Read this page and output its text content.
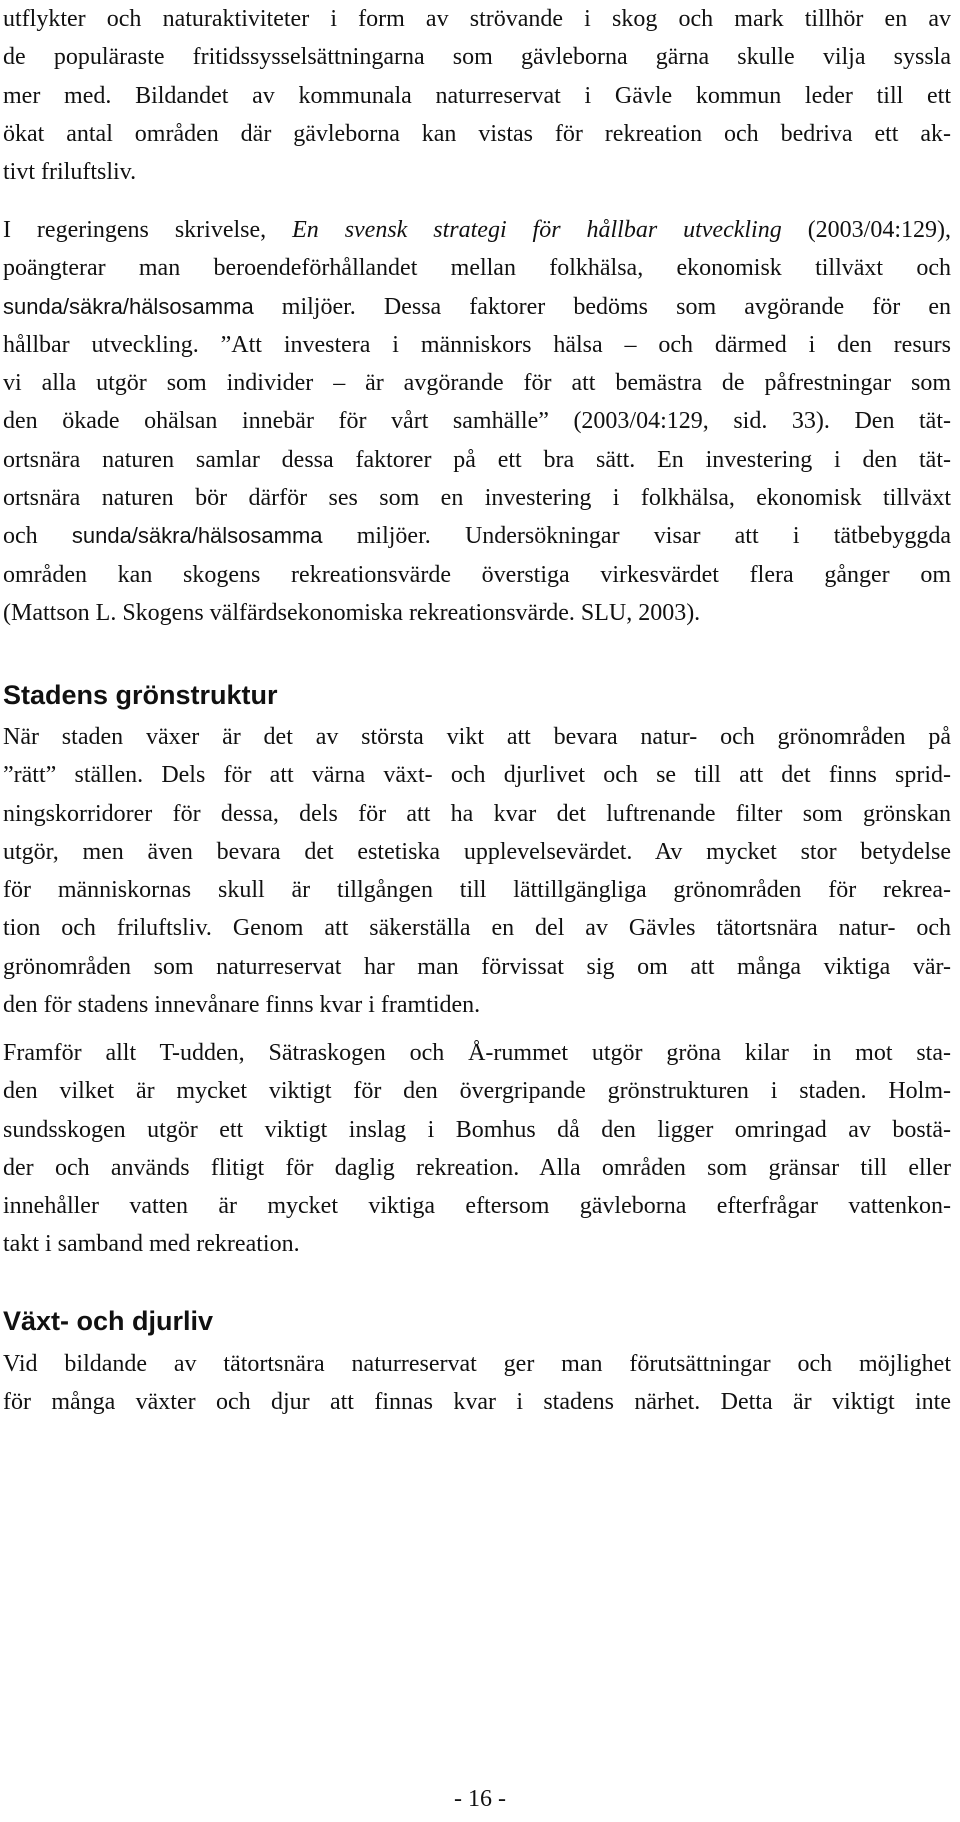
utflykter och naturaktiviteter i form av strövande i skog och mark tillhör en av
de populäraste fritidssysselsättningarna som gävleborna gärna skulle vilja syssla
mer med. Bildandet av kommunala naturreservat i Gävle kommun leder till ett
ökat antal områden där gävleborna kan vistas för rekreation och bedriva ett ak-
tivt friluftsliv.
I regeringens skrivelse, En svensk strategi för hållbar utveckling (2003/04:129),
poängterar man beroendeförhållandet mellan folkhälsa, ekonomisk tillväxt och
sunda/säkra/hälsosamma miljöer. Dessa faktorer bedöms som avgörande för en
hållbar utveckling. ”Att investera i människors hälsa – och därmed i den resurs
vi alla utgör som individer – är avgörande för att bemästra de påfrestningar som
den ökade ohälsan innebär för vårt samhälle” (2003/04:129, sid. 33). Den tät-
ortsnära naturen samlar dessa faktorer på ett bra sätt. En investering i den tät-
ortsnära naturen bör därför ses som en investering i folkhälsa, ekonomisk tillväxt
och sunda/säkra/hälsosamma miljöer. Undersökningar visar att i tätbebyggda
områden kan skogens rekreationsvärde överstiga virkesvärdet flera gånger om
(Mattson L. Skogens välfärdsekonomiska rekreationsvärde. SLU, 2003).
Stadens grönstruktur
När staden växer är det av största vikt att bevara natur- och grönområden på
”rätt” ställen. Dels för att värna växt- och djurlivet och se till att det finns sprid-
ningskorridorer för dessa, dels för att ha kvar det luftrenande filter som grönskan
utgör, men även bevara det estetiska upplevelsevärdet. Av mycket stor betydelse
för människornas skull är tillgången till lättillgängliga grönområden för rekrea-
tion och friluftsliv. Genom att säkerställa en del av Gävles tätortsnära natur- och
grönområden som naturreservat har man förvissat sig om att många viktiga vär-
den för stadens innevånare finns kvar i framtiden.
Framför allt T-udden, Sätraskogen och Å-rummet utgör gröna kilar in mot sta-
den vilket är mycket viktigt för den övergripande grönstrukturen i staden. Holm-
sundsskogen utgör ett viktigt inslag i Bomhus då den ligger omringad av bostä-
der och används flitigt för daglig rekreation. Alla områden som gränsar till eller
innehåller vatten är mycket viktiga eftersom gävleborna efterfrågar vattenkon-
takt i samband med rekreation.
Växt- och djurliv
Vid bildande av tätortsnära naturreservat ger man förutsättningar och möjlighet
för många växter och djur att finnas kvar i stadens närhet. Detta är viktigt inte
- 16 -
